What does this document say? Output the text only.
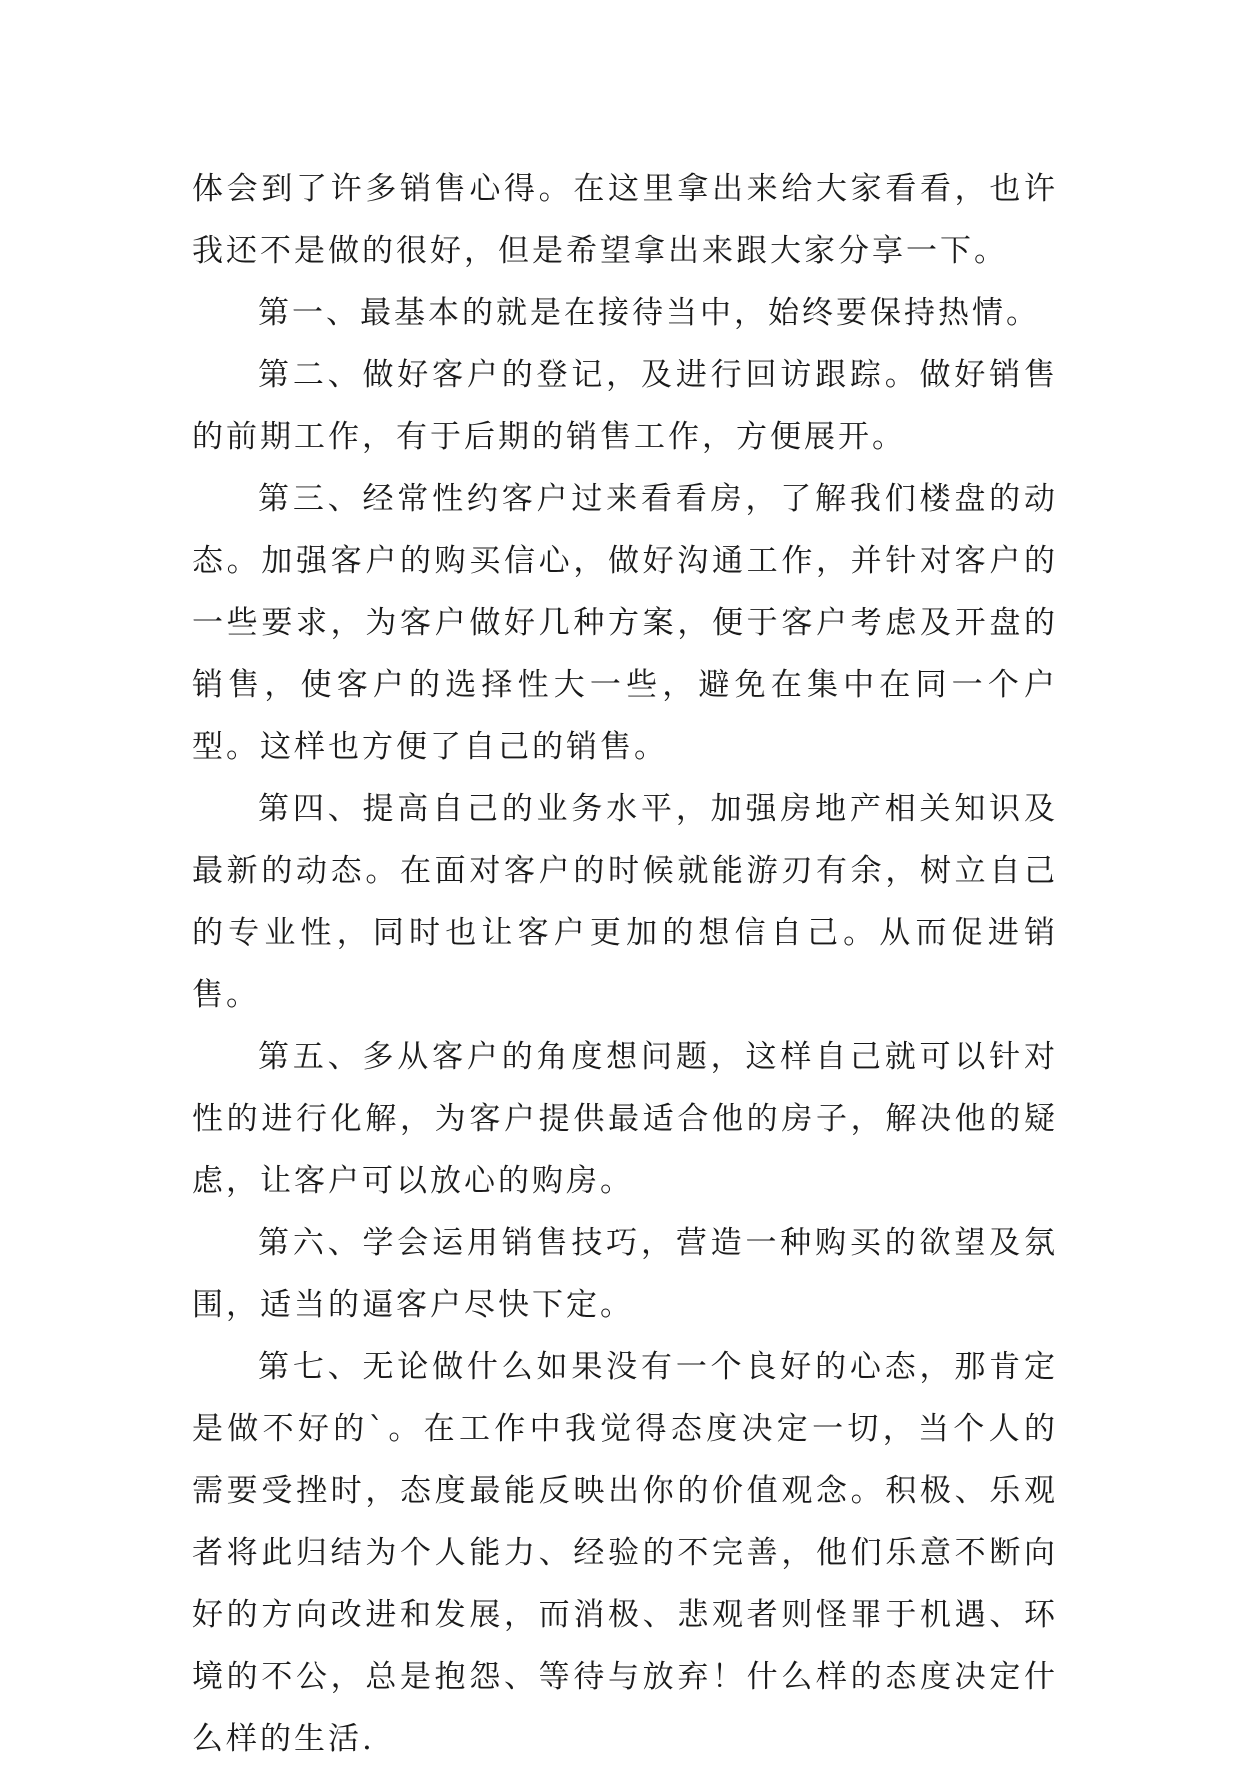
体会到了许多销售心得。在这里拿出来给大家看看，也许我还不是做的很好，但是希望拿出来跟大家分享一下。

第一、最基本的就是在接待当中，始终要保持热情。

第二、做好客户的登记，及进行回访跟踪。做好销售的前期工作，有于后期的销售工作，方便展开。

第三、经常性约客户过来看看房，了解我们楼盘的动态。加强客户的购买信心，做好沟通工作，并针对客户的一些要求，为客户做好几种方案，便于客户考虑及开盘的销售，使客户的选择性大一些，避免在集中在同一个户型。这样也方便了自己的销售。

第四、提高自己的业务水平，加强房地产相关知识及最新的动态。在面对客户的时候就能游刃有余，树立自己的专业性，同时也让客户更加的想信自己。从而促进销售。

第五、多从客户的角度想问题，这样自己就可以针对性的进行化解，为客户提供最适合他的房子，解决他的疑虑，让客户可以放心的购房。

第六、学会运用销售技巧，营造一种购买的欲望及氛围，适当的逼客户尽快下定。

第七、无论做什么如果没有一个良好的心态，那肯定是做不好的`。在工作中我觉得态度决定一切，当个人的需要受挫时，态度最能反映出你的价值观念。积极、乐观者将此归结为个人能力、经验的不完善，他们乐意不断向好的方向改进和发展，而消极、悲观者则怪罪于机遇、环境的不公，总是抱怨、等待与放弃！什么样的态度决定什么样的生活.
